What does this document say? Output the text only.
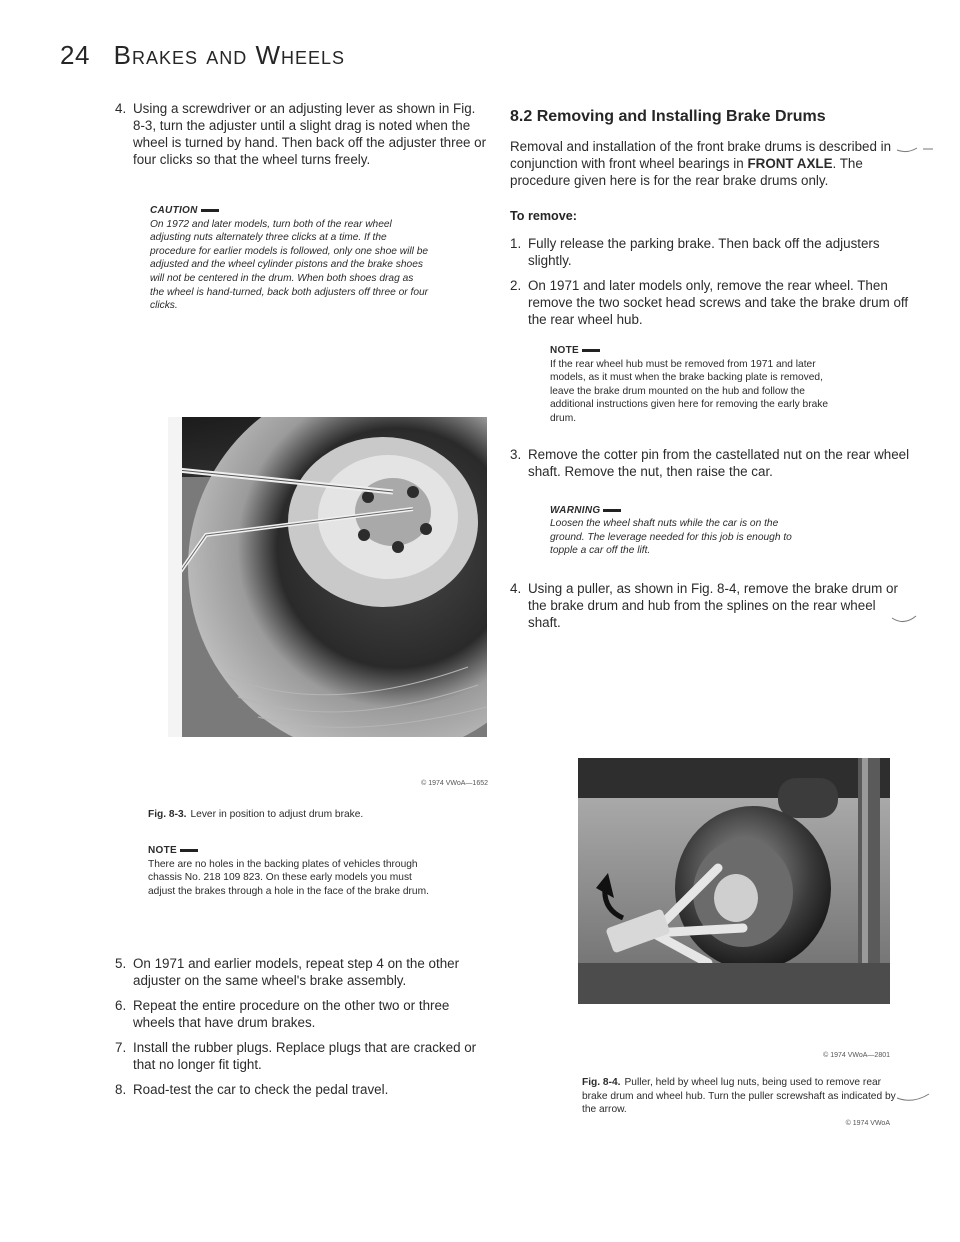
24 Brakes and Wheels
4. Using a screwdriver or an adjusting lever as shown in Fig. 8-3, turn the adjuster until a slight drag is noted when the wheel is turned by hand. Then back off the adjuster three or four clicks so that the wheel turns freely.
CAUTION
On 1972 and later models, turn both of the rear wheel adjusting nuts alternately three clicks at a time. If the procedure for earlier models is followed, only one shoe will be adjusted and the wheel cylinder pistons and the brake shoes will not be centered in the drum. When both shoes drag as the wheel is hand-turned, back both adjusters off three or four clicks.
© 1974 VWoA—1652
Fig. 8-3. Lever in position to adjust drum brake.
NOTE
There are no holes in the backing plates of vehicles through chassis No. 218 109 823. On these early models you must adjust the brakes through a hole in the face of the brake drum.
5. On 1971 and earlier models, repeat step 4 on the other adjuster on the same wheel's brake assembly.
6. Repeat the entire procedure on the other two or three wheels that have drum brakes.
7. Install the rubber plugs. Replace plugs that are cracked or that no longer fit tight.
8. Road-test the car to check the pedal travel.
8.2 Removing and Installing Brake Drums
Removal and installation of the front brake drums is described in conjunction with front wheel bearings in FRONT AXLE. The procedure given here is for the rear brake drums only.
To remove:
1. Fully release the parking brake. Then back off the adjusters slightly.
2. On 1971 and later models only, remove the rear wheel. Then remove the two socket head screws and take the brake drum off the rear wheel hub.
NOTE
If the rear wheel hub must be removed from 1971 and later models, as it must when the brake backing plate is removed, leave the brake drum mounted on the hub and follow the additional instructions given here for removing the early brake drum.
3. Remove the cotter pin from the castellated nut on the rear wheel shaft. Remove the nut, then raise the car.
WARNING
Loosen the wheel shaft nuts while the car is on the ground. The leverage needed for this job is enough to topple a car off the lift.
4. Using a puller, as shown in Fig. 8-4, remove the brake drum or the brake drum and hub from the splines on the rear wheel shaft.
© 1974 VWoA—2801
Fig. 8-4. Puller, held by wheel lug nuts, being used to remove rear brake drum and wheel hub. Turn the puller screwshaft as indicated by the arrow.
© 1974 VWoA
